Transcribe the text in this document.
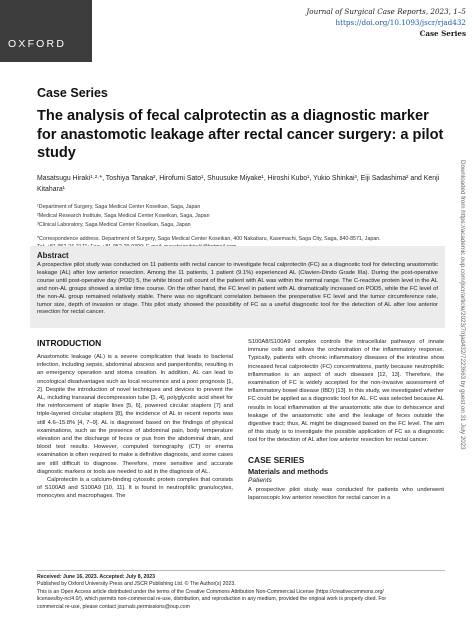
OXFORD
Journal of Surgical Case Reports, 2023, 1–5
https://doi.org/10.1093/jscr/rjad432
Case Series
Downloaded from https://academic.oup.com/jscr/article/2023/7/rjad432/7223663 by guest on 31 July 2023
Case Series
The analysis of fecal calprotectin as a diagnostic marker for anastomotic leakage after rectal cancer surgery: a pilot study
Masatsugu Hiraki¹·²·*, Toshiya Tanaka², Hirofumi Sato¹, Shuusuke Miyake¹, Hiroshi Kubo¹, Yukio Shinkai³, Eiji Sadashima² and Kenji Kitahara¹
¹Department of Surgery, Saga Medical Center Koseikan, Saga, Japan
²Medical Research Institute, Saga Medical Center Koseikan, Saga, Japan
³Clinical Laboratory, Saga Medical Center Koseikan, Saga, Japan
*Correspondence address. Department of Surgery, Saga Medical Center Koseikan, 400 Nakabaru, Kasemachi, Saga City, Saga, 840-8571, Japan.
Abstract

A prospective pilot study was conducted on 11 patients with rectal cancer to investigate fecal calprotectin (FC) as a diagnostic tool for detecting anastomotic leakage (AL) after low anterior resection. Among the 11 patients, 1 patient (9.1%) experienced AL (Clavien-Dindo Grade IIIa). During the post-operative course until post-operative day (POD) 5, the white blood cell count of the patient with AL was within the normal range. The C-reactive protein level in the AL and non-AL groups showed a similar time course. On the other hand, the FC level in patient with AL dramatically increased on POD5, while the FC level of the non-AL group remained relatively stable. There was no significant correlation between the preoperative FC level and the tumor circumference rate, tumor size, depth of invasion or stage. This pilot study showed the possibility of FC as a useful diagnostic tool for the detection of AL after low anterior resection for rectal cancer.

INTRODUCTION

Anastomotic leakage (AL) is a severe complication that leads to bacterial infection, including sepsis, abdominal abscess and panperitonitis, resulting in an emergency operation and stoma creation. In addition, AL can lead to oncological disadvantages such as local recurrence and a poor prognosis [1, 2]. Despite the introduction of novel techniques and devices to prevent the AL, including transanal decompression tube [3, 4], polyglycolic acid sheet for the reinforcement of staple lines [5, 6], powered circular staplers [7] and triple-layered circular staplers [8], the incidence of AL in recent reports was still 4.6–15.8% [4, 7–9]. AL is diagnosed based on the findings of physical examinations, such as the presence of abdominal pain, body temperature elevation and the discharge of feces or pus from the abdominal drain, and blood test results. However, computed tomography (CT) or enema examination is often required to make a definitive diagnosis, and some cases are still difficult to diagnose. Therefore, more sensitive and accurate diagnostic markers or tools are needed to aid in the diagnosis of AL.

Calprotectin is a calcium-binding cytosolic protein complex that consists of S100A8 and S100A9 [10, 11]. It is found in neutrophilic granulocytes, monocytes and macrophages. The

S100A8/S100A9 complex controls the intracellular pathways of innate immune cells and allows the orchestration of the inflammatory response. Typically, patients with chronic inflammatory diseases of the intestine show increased fecal calprotectin (FC) concentrations, partly because neutrophilic inflammation is an aspect of such diseases [12, 13]. Therefore, the examination of FC is widely accepted for the non-invasive assessment of inflammatory bowel disease (IBD) [13]. In this study, we investigated whether FC could be applied as a diagnostic tool for AL. FC was selected because AL results in local inflammation at the anastomotic site due to dehiscence and leakage of the anastomotic site and the leakage of feces outside the digestive tract; thus, AL might be diagnosed based on the FC level. The aim of this study is to investigate the possible application of FC as a diagnostic tool for the detection of AL after low anterior resection for rectal cancer.

CASE SERIES
Materials and methods
Patients

A prospective pilot study was conducted for patients who underwent laparoscopic low anterior resection for rectal cancer in a

Received: June 16, 2023. Accepted: July 8, 2023
Published by Oxford University Press and JSCR Publishing Ltd. © The Author(s) 2023.
This is an Open Access article distributed under the terms of the Creative Commons Attribution Non-Commercial License (https://creativecommons.org/
licenses/by-nc/4.0/), which permits non-commercial re-use, distribution, and reproduction in any medium, provided the original work is properly cited. For
commercial re-use, please contact journals.permissions@oup.com
